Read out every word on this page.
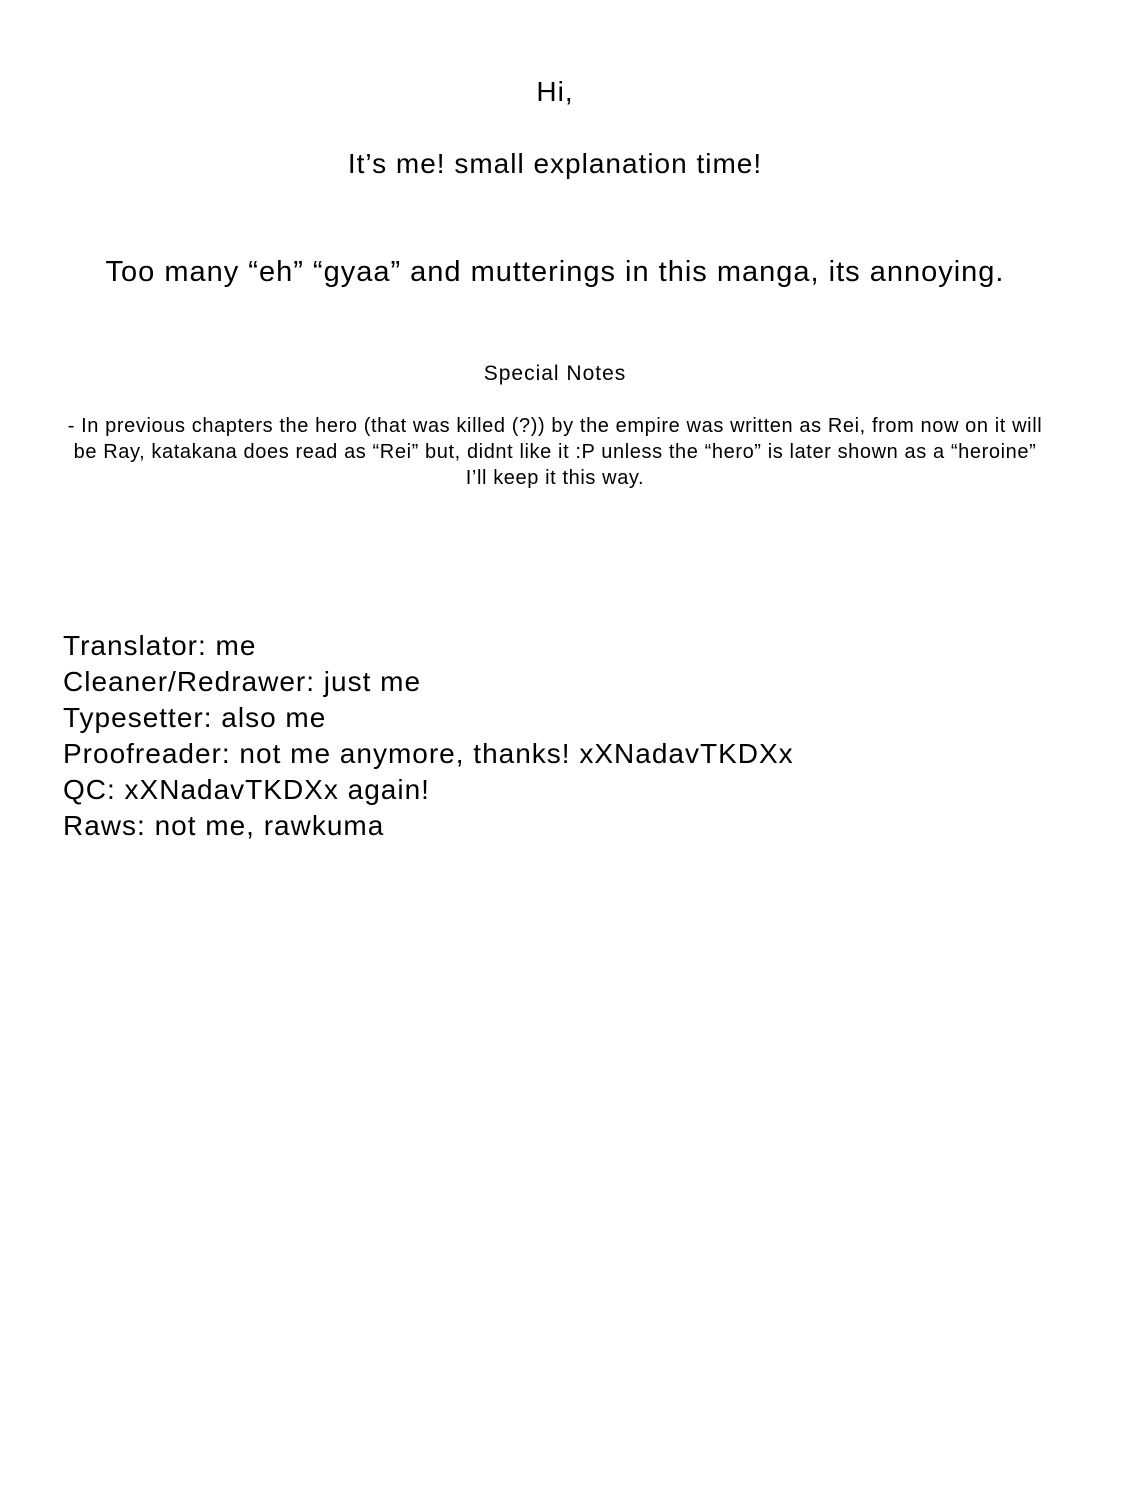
Hi,
It’s me! small explanation time!
Too many “eh” “gyaa” and mutterings in this manga, its annoying.
Special Notes
- In previous chapters the hero (that was killed (?)) by the empire was written as Rei, from now on it will be Ray, katakana does read as “Rei” but, didnt like it :P unless the “hero” is later shown as a “heroine” I’ll keep it this way.
Translator: me
Cleaner/Redrawer: just me
Typesetter: also me
Proofreader: not me anymore, thanks! xXNadavTKDXx
QC: xXNadavTKDXx again!
Raws: not me, rawkuma
